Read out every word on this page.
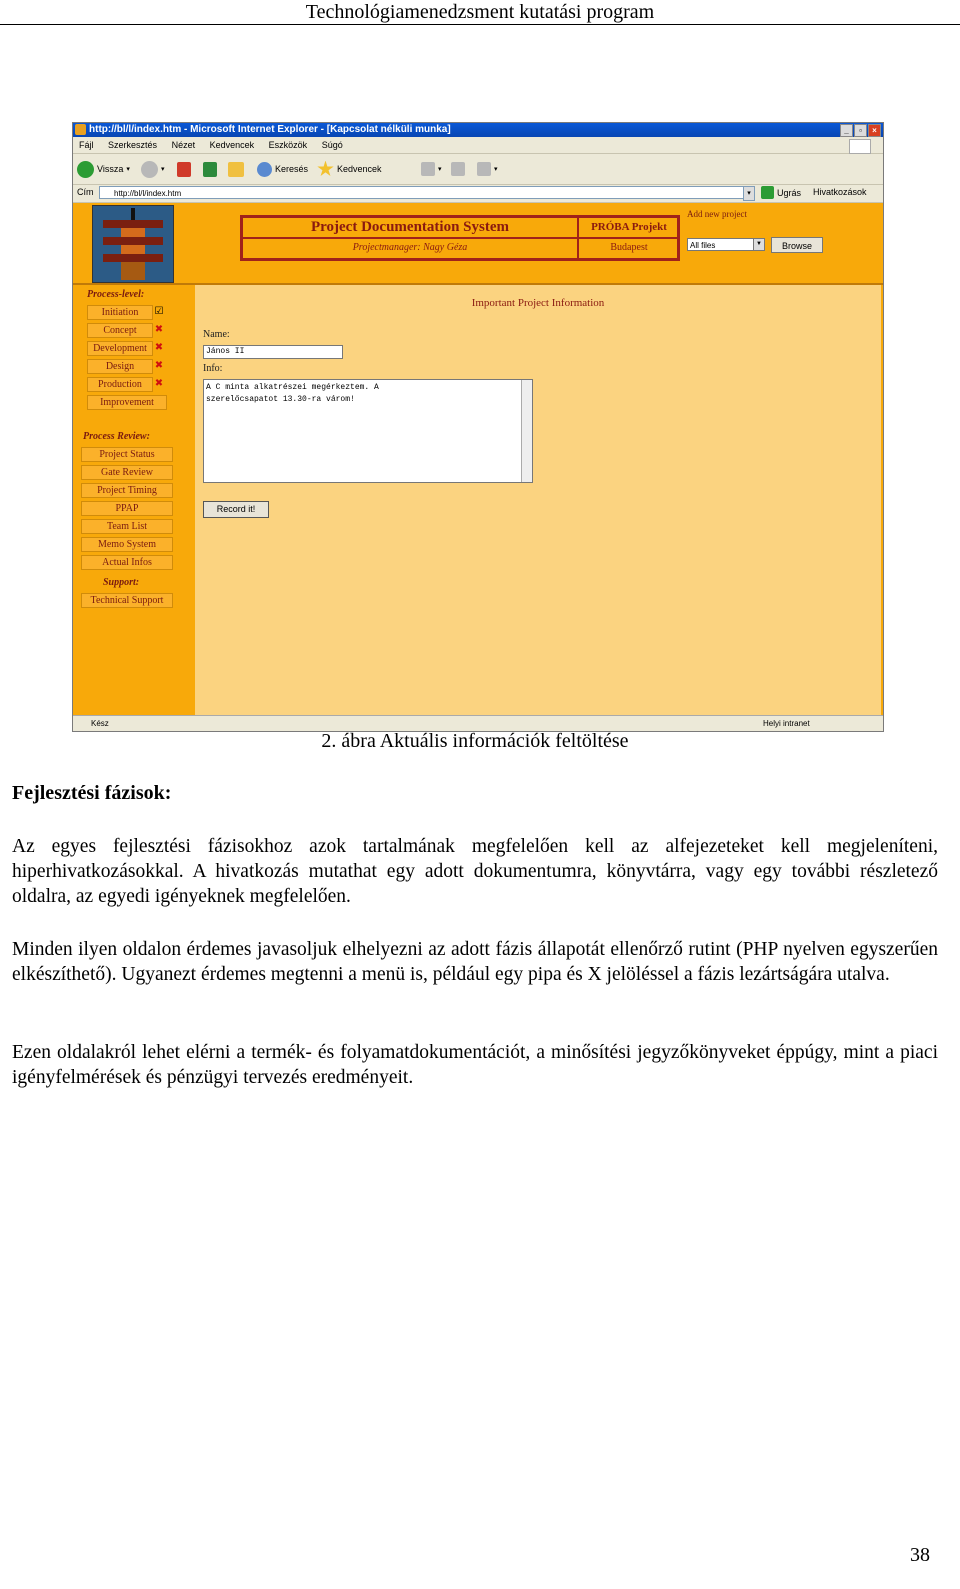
Technológiamenedzsment kutatási program
http://bl/l/index.htm - Microsoft Internet Explorer - [Kapcsolat nélküli munka]	_	▫	×
Fájl Szerkesztés Nézet Kedvencek Eszközök Súgó
Vissza ▾	▾	Keresés	Kedvencek	▾	▾
Cím	http://bl/l/index.htm	▾	Ugrás Hivatkozások
Project Documentation System
Projectmanager: Nagy Géza
PRÓBA Projekt
Budapest
Add new project
All files	▼	Browse
Process-level:
Initiation	☑
Concept	✖
Development ✖
Design	✖
Production	✖
Improvement
Process Review:
Project Status
Gate Review
Project Timing
PPAP
Team List
Memo System
Actual Infos
Support:
Technical Support
Important Project Information
Name:
János II
Info:
A C minta alkatrészei megérkeztem. A
szerelőcsapatot 13.30-ra várom!
Record it!
Kész	Helyi intranet
2. ábra Aktuális információk feltöltése
Fejlesztési fázisok:
Az egyes fejlesztési fázisokhoz azok tartalmának megfelelően kell az alfejezeteket kell megjeleníteni, hiperhivatkozásokkal. A hivatkozás mutathat egy adott dokumentumra, könyvtárra, vagy egy további részletező oldalra, az egyedi igényeknek megfelelően.
Minden ilyen oldalon érdemes javasoljuk elhelyezni az adott fázis állapotát ellenőrző rutint (PHP nyelven egyszerűen elkészíthető). Ugyanezt érdemes megtenni a menü is, például egy pipa és X jelöléssel a fázis lezártságára utalva.
Ezen oldalakról lehet elérni a termék- és folyamatdokumentációt, a minősítési jegyzőkönyveket éppúgy, mint a piaci igényfelmérések és pénzügyi tervezés eredményeit.
38
